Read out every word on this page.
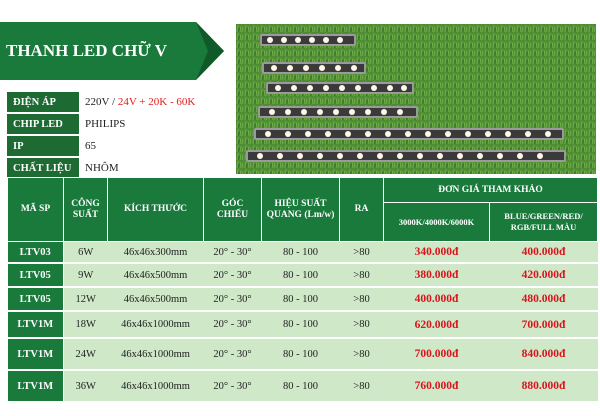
THANH LED CHỮ V
ĐIỆN ÁP	220V / 24V + 20K - 60K
CHIP LED	PHILIPS
IP	65
CHẤT LIỆU	NHÔM
MÃ SP	CÔNG SUẤT	KÍCH THƯỚC	GÓC CHIẾU	HIỆU SUẤT QUANG (Lm/w)	RA	ĐƠN GIÁ THAM KHẢO	
						3000K/4000K/6000K	BLUE/GREEN/RED/ RGB/FULL MÀU
LTV03	6W	46x46x300mm	20° - 30°	80 - 100	>80	340.000đ	400.000đ
LTV05	9W	46x46x500mm	20° - 30°	80 - 100	>80	380.000đ	420.000đ
LTV05	12W	46x46x500mm	20° - 30°	80 - 100	>80	400.000đ	480.000đ
LTV1M	18W	46x46x1000mm	20° - 30°	80 - 100	>80	620.000đ	700.000đ
LTV1M	24W	46x46x1000mm	20° - 30°	80 - 100	>80	700.000đ	840.000đ
LTV1M	36W	46x46x1000mm	20° - 30°	80 - 100	>80	760.000đ	880.000đ
